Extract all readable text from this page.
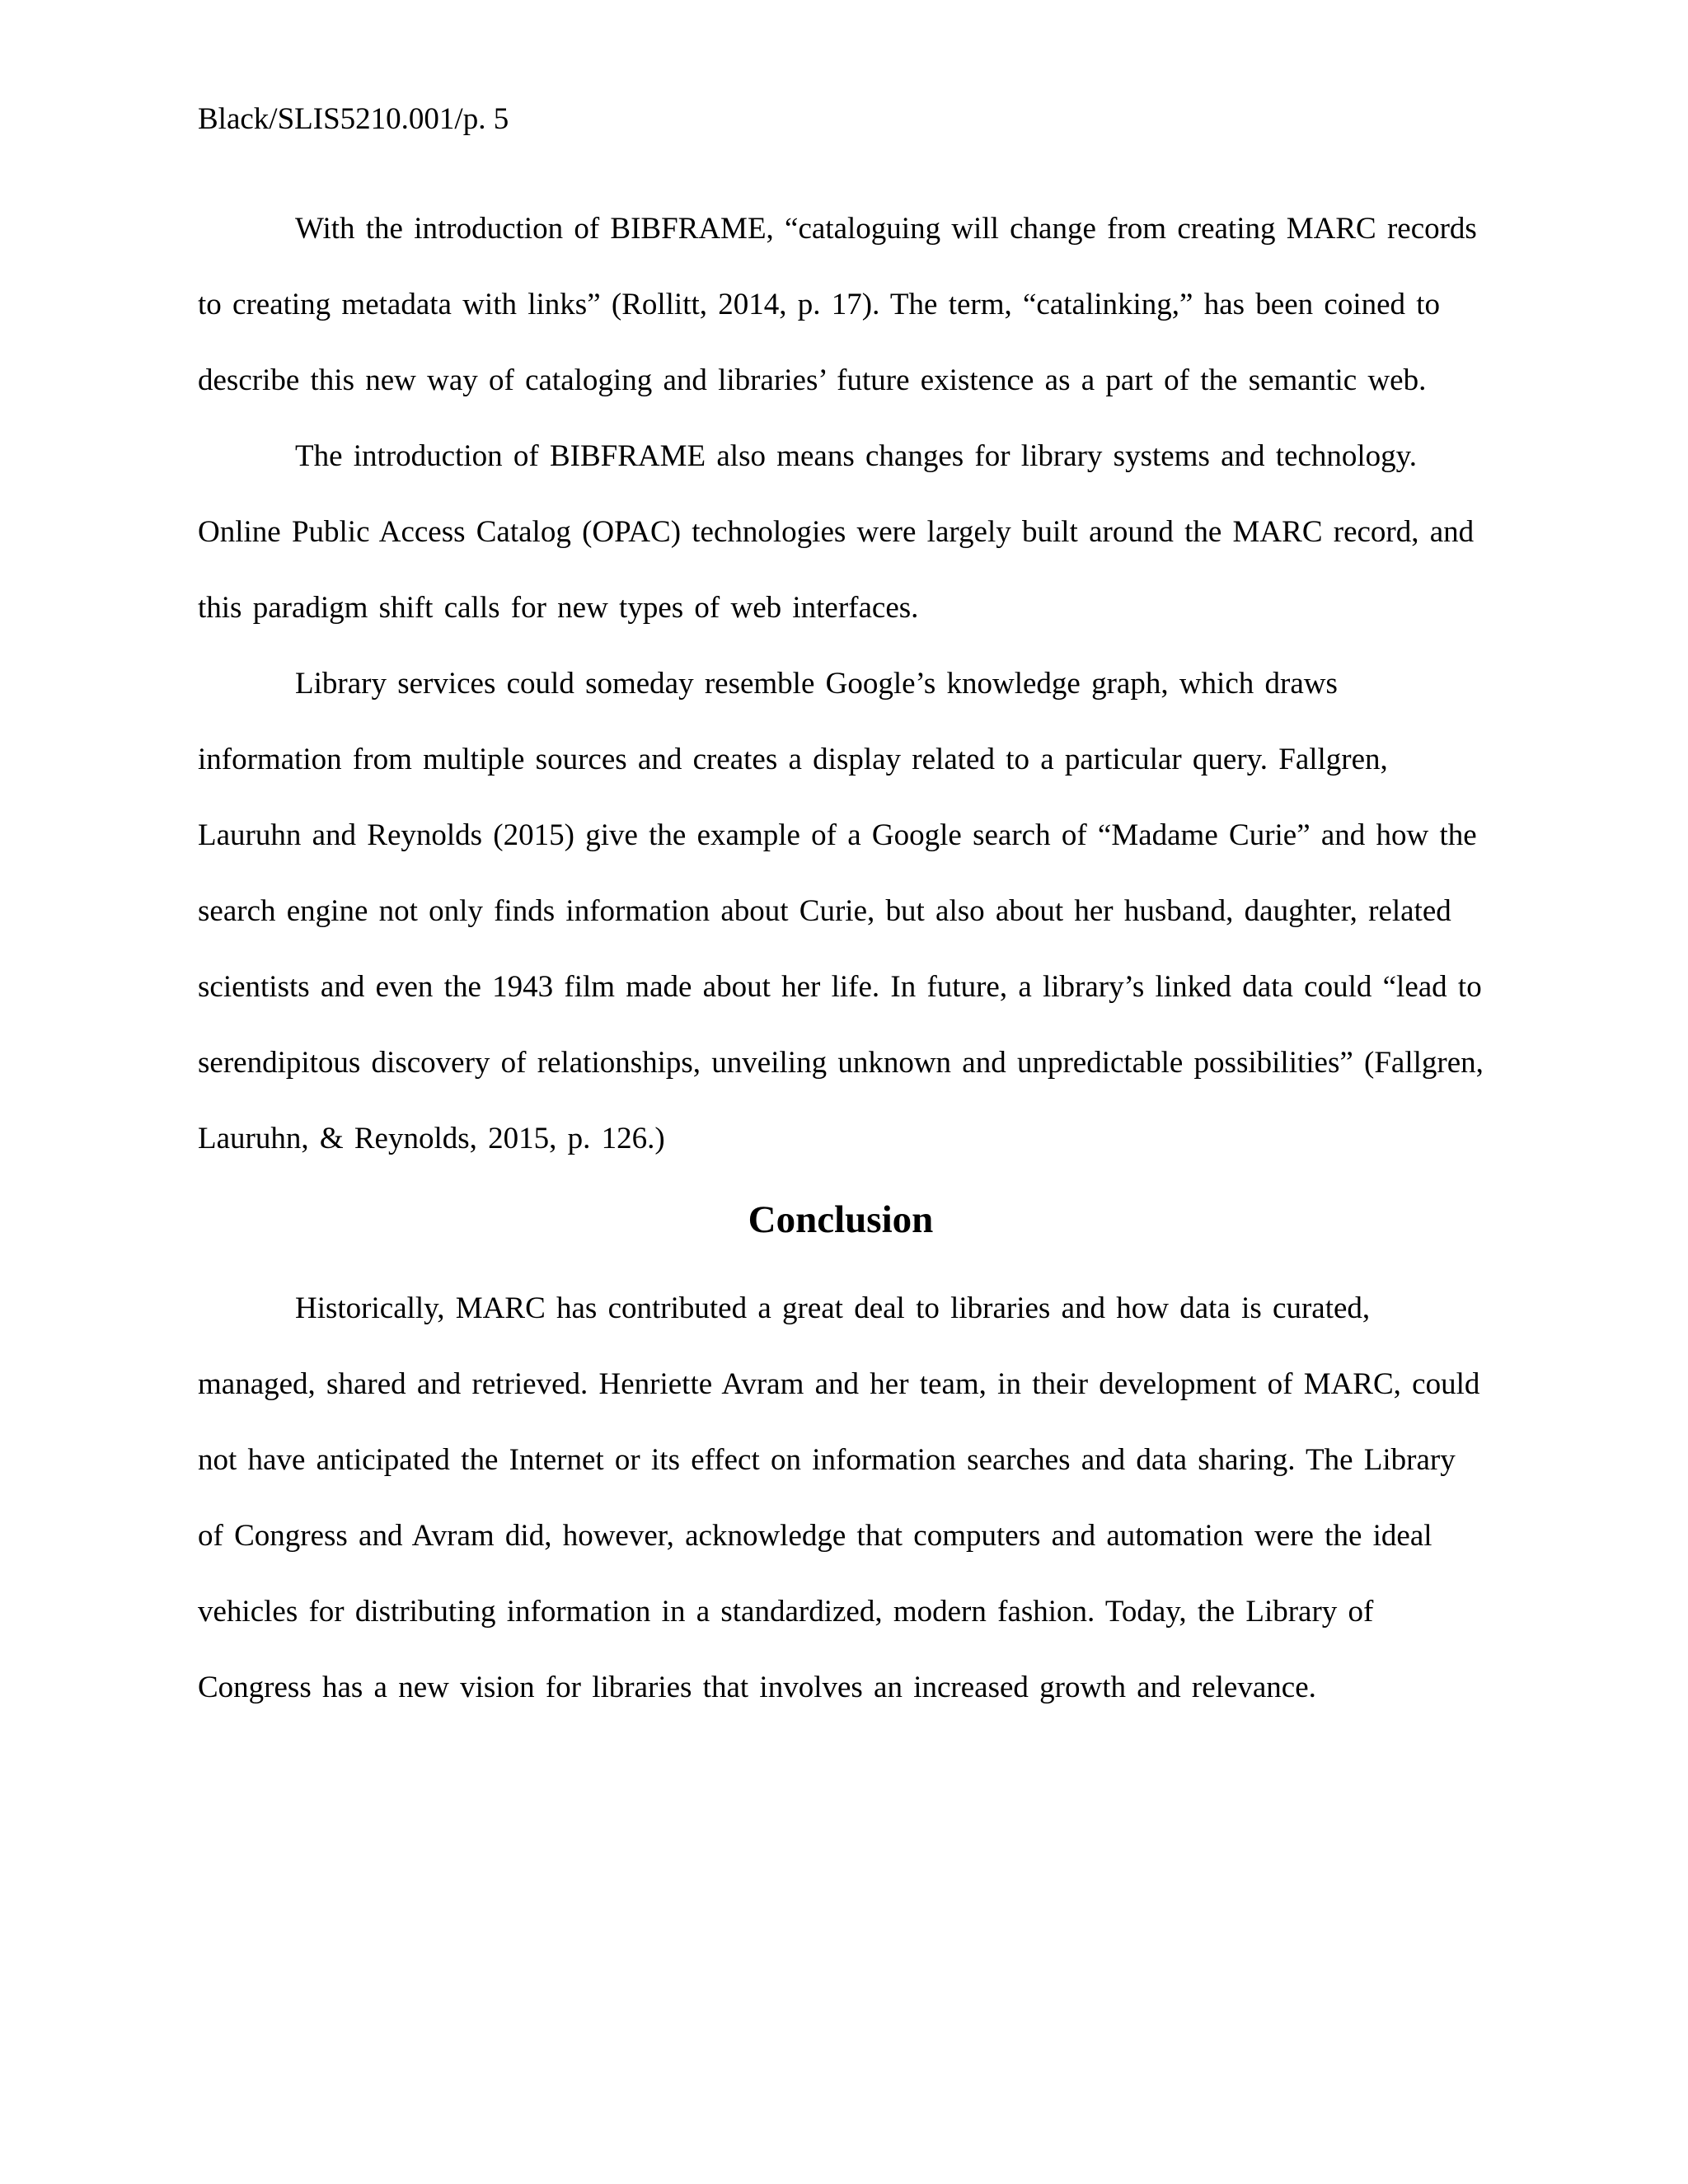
Black/SLIS5210.001/p. 5

With the introduction of BIBFRAME, “cataloguing will change from creating MARC records to creating metadata with links” (Rollitt, 2014, p. 17). The term, “catalinking,” has been coined to describe this new way of cataloging and libraries’ future existence as a part of the semantic web.

The introduction of BIBFRAME also means changes for library systems and technology. Online Public Access Catalog (OPAC) technologies were largely built around the MARC record, and this paradigm shift calls for new types of web interfaces.

Library services could someday resemble Google’s knowledge graph, which draws information from multiple sources and creates a display related to a particular query. Fallgren, Lauruhn and Reynolds (2015) give the example of a Google search of “Madame Curie” and how the search engine not only finds information about Curie, but also about her husband, daughter, related scientists and even the 1943 film made about her life. In future, a library’s linked data could “lead to serendipitous discovery of relationships, unveiling unknown and unpredictable possibilities” (Fallgren, Lauruhn, & Reynolds, 2015, p. 126.)

Conclusion

Historically, MARC has contributed a great deal to libraries and how data is curated, managed, shared and retrieved. Henriette Avram and her team, in their development of MARC, could not have anticipated the Internet or its effect on information searches and data sharing. The Library of Congress and Avram did, however, acknowledge that computers and automation were the ideal vehicles for distributing information in a standardized, modern fashion. Today, the Library of Congress has a new vision for libraries that involves an increased growth and relevance.
